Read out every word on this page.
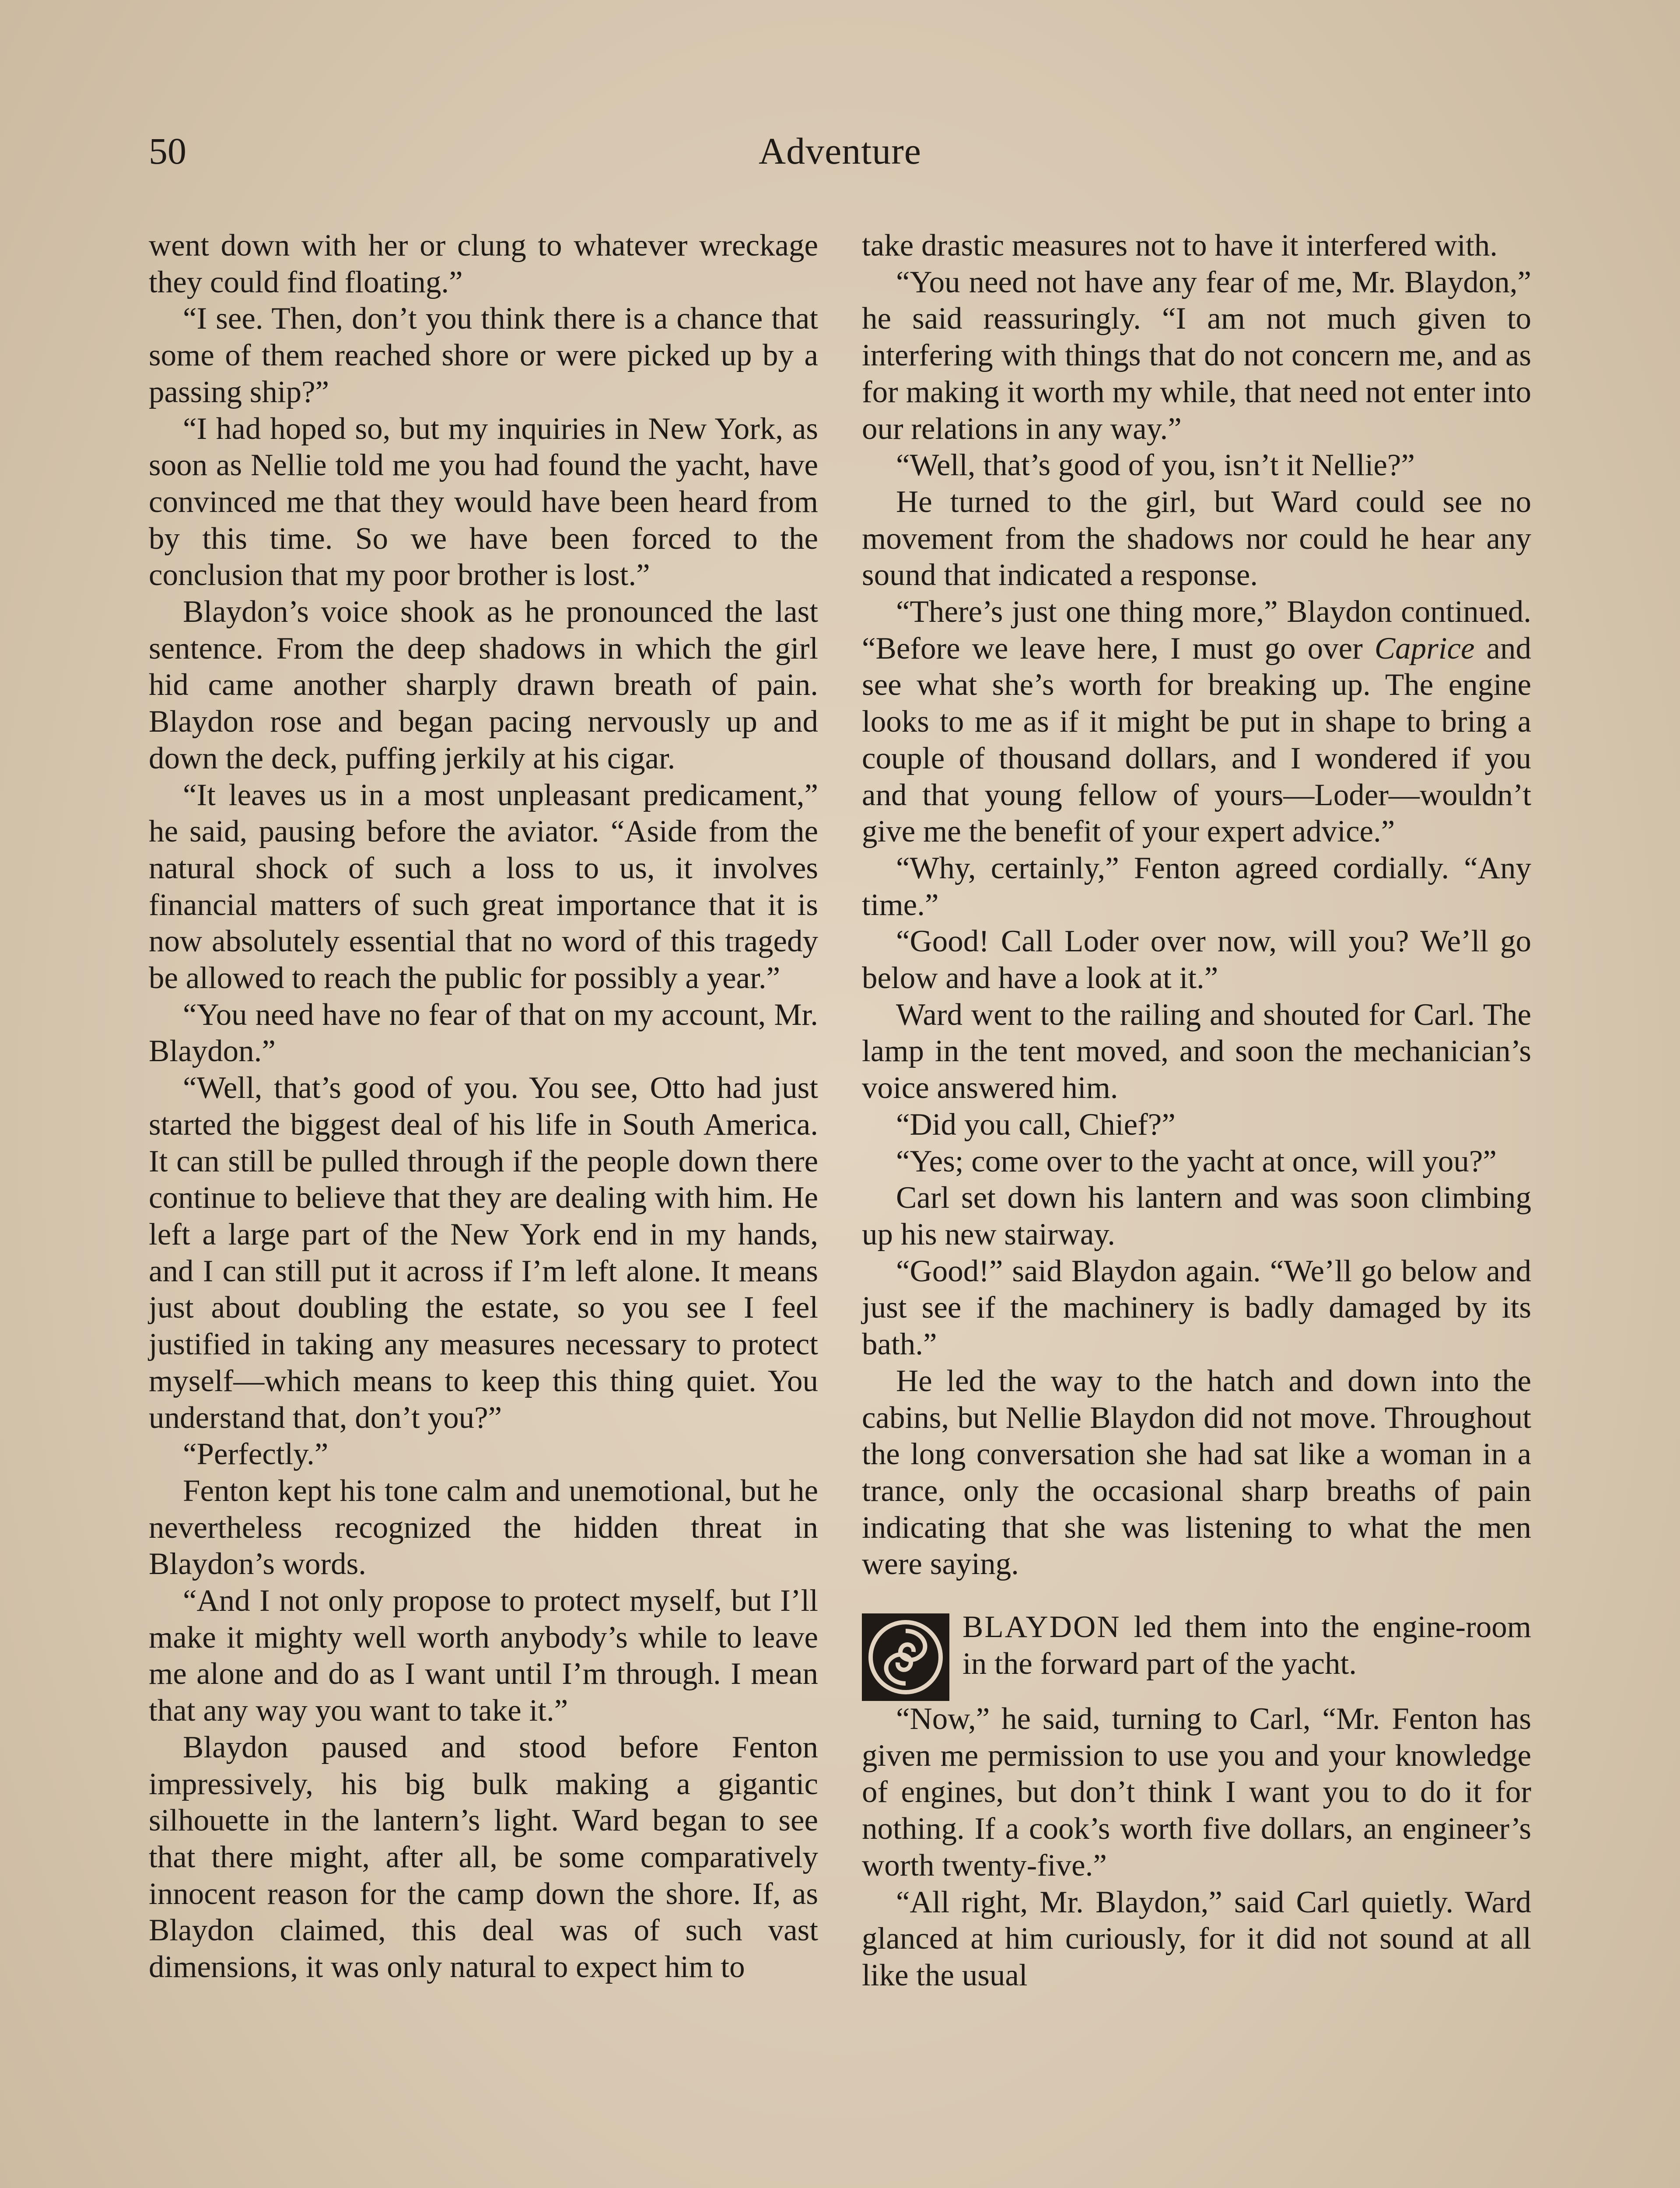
50	Adventure

went down with her or clung to whatever wreckage they could find floating.”

“I see. Then, don’t you think there is a chance that some of them reached shore or were picked up by a passing ship?”

“I had hoped so, but my inquiries in New York, as soon as Nellie told me you had found the yacht, have convinced me that they would have been heard from by this time. So we have been forced to the conclusion that my poor brother is lost.”

Blaydon’s voice shook as he pronounced the last sentence. From the deep shadows in which the girl hid came another sharply drawn breath of pain. Blaydon rose and began pacing nervously up and down the deck, puffing jerkily at his cigar.

“It leaves us in a most unpleasant predicament,” he said, pausing before the aviator. “Aside from the natural shock of such a loss to us, it involves financial matters of such great importance that it is now absolutely essential that no word of this tragedy be allowed to reach the public for possibly a year.”

“You need have no fear of that on my account, Mr. Blaydon.”

“Well, that’s good of you. You see, Otto had just started the biggest deal of his life in South America. It can still be pulled through if the people down there continue to believe that they are dealing with him. He left a large part of the New York end in my hands, and I can still put it across if I’m left alone. It means just about doubling the estate, so you see I feel justified in taking any measures necessary to protect myself—which means to keep this thing quiet. You understand that, don’t you?”

“Perfectly.”

Fenton kept his tone calm and unemotional, but he nevertheless recognized the hidden threat in Blaydon’s words.

“And I not only propose to protect myself, but I’ll make it mighty well worth anybody’s while to leave me alone and do as I want until I’m through. I mean that any way you want to take it.”

Blaydon paused and stood before Fenton impressively, his big bulk making a gigantic silhouette in the lantern’s light. Ward began to see that there might, after all, be some comparatively innocent reason for the camp down the shore. If, as Blaydon claimed, this deal was of such vast dimensions, it was only natural to expect him to

take drastic measures not to have it interfered with.

“You need not have any fear of me, Mr. Blaydon,” he said reassuringly. “I am not much given to interfering with things that do not concern me, and as for making it worth my while, that need not enter into our relations in any way.”

“Well, that’s good of you, isn’t it Nellie?”

He turned to the girl, but Ward could see no movement from the shadows nor could he hear any sound that indicated a response.

“There’s just one thing more,” Blaydon continued. “Before we leave here, I must go over Caprice and see what she’s worth for breaking up. The engine looks to me as if it might be put in shape to bring a couple of thousand dollars, and I wondered if you and that young fellow of yours—Loder—wouldn’t give me the benefit of your expert advice.”

“Why, certainly,” Fenton agreed cordially. “Any time.”

“Good! Call Loder over now, will you? We’ll go below and have a look at it.”

Ward went to the railing and shouted for Carl. The lamp in the tent moved, and soon the mechanician’s voice answered him.

“Did you call, Chief?”

“Yes; come over to the yacht at once, will you?”

Carl set down his lantern and was soon climbing up his new stairway.

“Good!” said Blaydon again. “We’ll go below and just see if the machinery is badly damaged by its bath.”

He led the way to the hatch and down into the cabins, but Nellie Blaydon did not move. Throughout the long conversation she had sat like a woman in a trance, only the occasional sharp breaths of pain indicating that she was listening to what the men were saying.

BLAYDON led them into the engine-room in the forward part of the yacht.

“Now,” he said, turning to Carl, “Mr. Fenton has given me permission to use you and your knowledge of engines, but don’t think I want you to do it for nothing. If a cook’s worth five dollars, an engineer’s worth twenty-five.”

“All right, Mr. Blaydon,” said Carl quietly. Ward glanced at him curiously, for it did not sound at all like the usual
